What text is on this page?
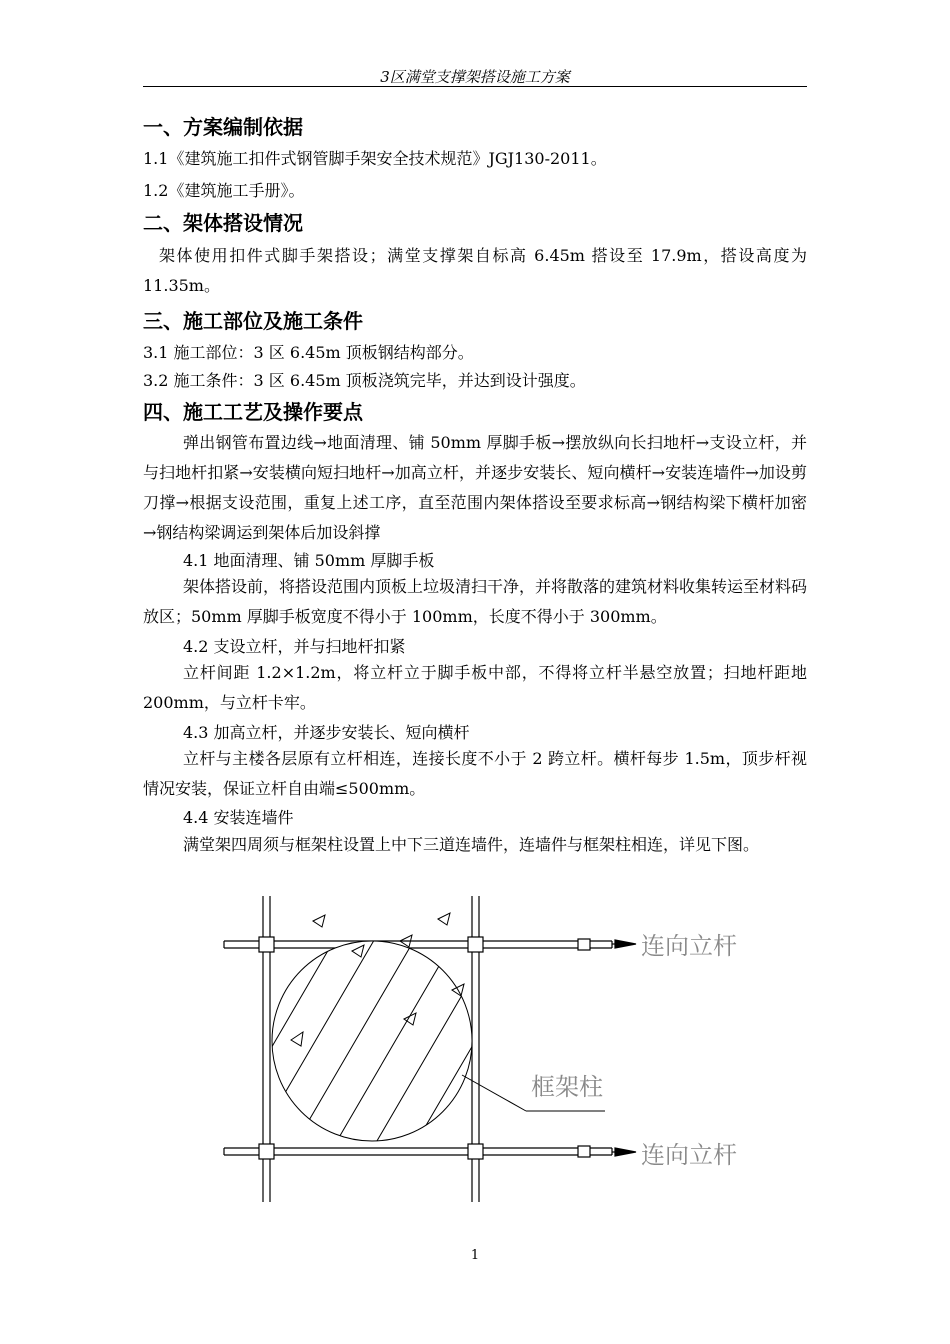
3区满堂支撑架搭设施工方案
一、方案编制依据
1.1《建筑施工扣件式钢管脚手架安全技术规范》JGJ130-2011。
1.2《建筑施工手册》。
二、架体搭设情况

架体使用扣件式脚手架搭设；满堂支撑架自标高 6.45m 搭设至 17.9m，搭设高度为 11.35m。

三、施工部位及施工条件
3.1 施工部位：3 区 6.45m 顶板钢结构部分。
3.2 施工条件：3 区 6.45m 顶板浇筑完毕，并达到设计强度。
四、施工工艺及操作要点

弹出钢管布置边线→地面清理、铺 50mm 厚脚手板→摆放纵向长扫地杆→支设立杆，并与扫地杆扣紧→安装横向短扫地杆→加高立杆，并逐步安装长、短向横杆→安装连墙件→加设剪刀撑→根据支设范围，重复上述工序，直至范围内架体搭设至要求标高→钢结构梁下横杆加密→钢结构梁调运到架体后加设斜撑

4.1 地面清理、铺 50mm 厚脚手板

架体搭设前，将搭设范围内顶板上垃圾清扫干净，并将散落的建筑材料收集转运至材料码放区；50mm 厚脚手板宽度不得小于 100mm，长度不得小于 300mm。

4.2 支设立杆，并与扫地杆扣紧

立杆间距 1.2×1.2m，将立杆立于脚手板中部，不得将立杆半悬空放置；扫地杆距地 200mm，与立杆卡牢。

4.3 加高立杆，并逐步安装长、短向横杆

立杆与主楼各层原有立杆相连，连接长度不小于 2 跨立杆。横杆每步 1.5m，顶步杆视情况安装，保证立杆自由端≤500mm。

4.4 安装连墙件

满堂架四周须与框架柱设置上中下三道连墙件，连墙件与框架柱相连，详见下图。

连向立杆
框架柱
连向立杆
1
